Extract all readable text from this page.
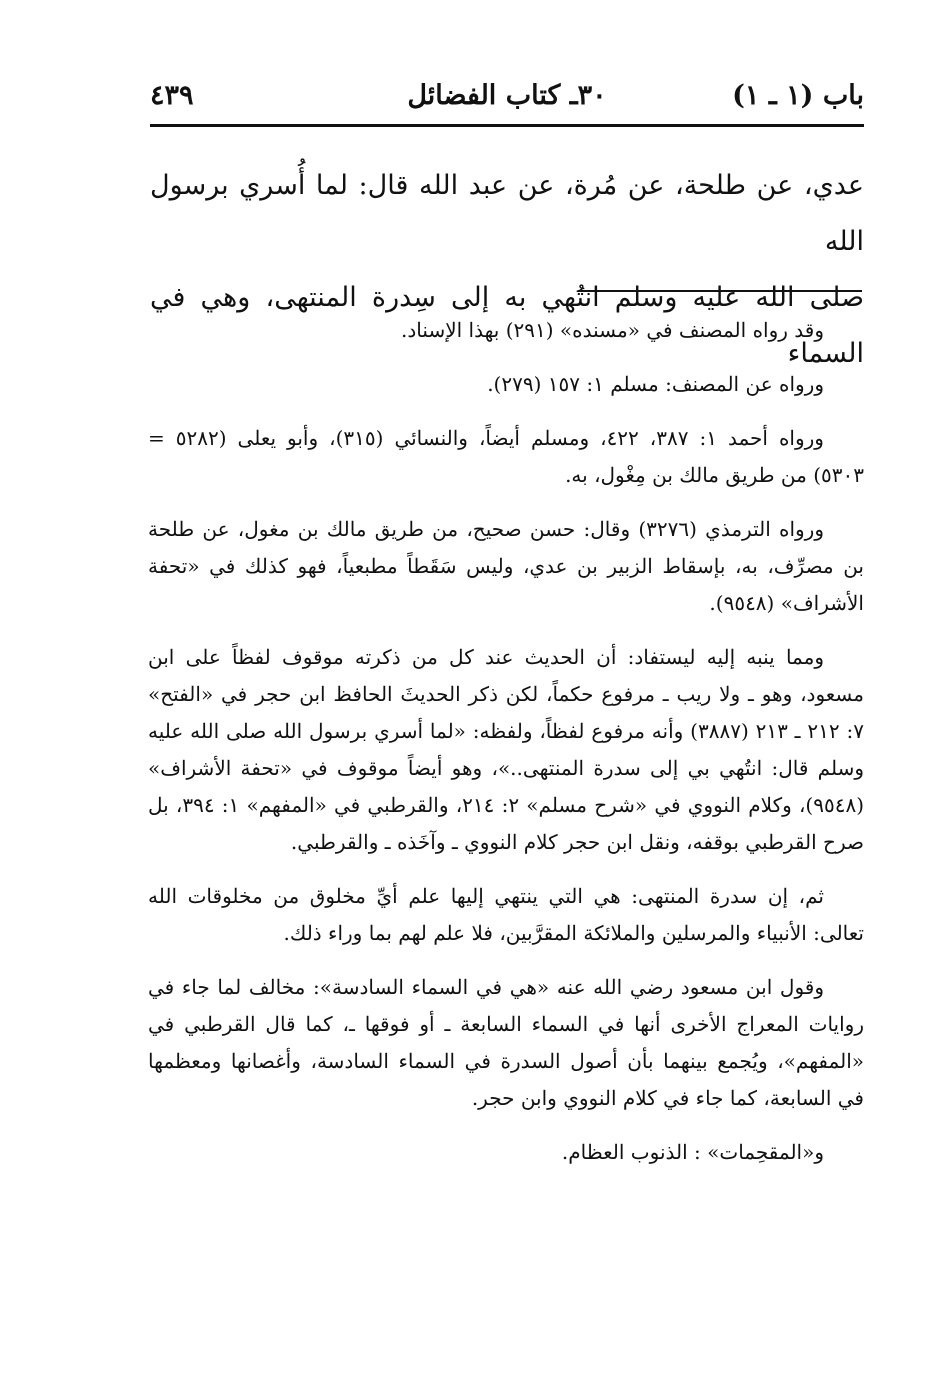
باب (١ ـ ١)
٣٠ـ كتاب الفضائل
٤٣٩

عدي، عن طلحة، عن مُرة، عن عبد الله قال: لما أُسري برسول الله

صلى الله عليه وسلم انتُهي به إلى سِدرة المنتهى، وهي في السماء

وقد رواه المصنف في «مسنده» (٢٩١) بهذا الإسناد.

ورواه عن المصنف: مسلم ١: ١٥٧ (٢٧٩).

ورواه أحمد ١: ٣٨٧، ٤٢٢، ومسلم أيضاً، والنسائي (٣١٥)، وأبو يعلى (٥٢٨٢ = ٥٣٠٣) من طريق مالك بن مِغْول، به.

ورواه الترمذي (٣٢٧٦) وقال: حسن صحيح، من طريق مالك بن مغول، عن طلحة بن مصرِّف، به، بإسقاط الزبير بن عدي، وليس سَقَطاً مطبعياً، فهو كذلك في «تحفة الأشراف» (٩٥٤٨).

ومما ينبه إليه ليستفاد: أن الحديث عند كل من ذكرته موقوف لفظاً على ابن مسعود، وهو ـ ولا ريب ـ مرفوع حكماً، لكن ذكر الحديثَ الحافظ ابن حجر في «الفتح» ٧: ٢١٢ ـ ٢١٣ (٣٨٨٧) وأنه مرفوع لفظاً، ولفظه: «لما أسري برسول الله صلى الله عليه وسلم قال: انتُهي بي إلى سدرة المنتهى..»، وهو أيضاً موقوف في «تحفة الأشراف» (٩٥٤٨)، وكلام النووي في «شرح مسلم» ٢: ٢١٤، والقرطبي في «المفهم» ١: ٣٩٤، بل صرح القرطبي بوقفه، ونقل ابن حجر كلام النووي ـ وآخَذه ـ والقرطبي.

ثم، إن سدرة المنتهى: هي التي ينتهي إليها علم أيِّ مخلوق من مخلوقات الله تعالى: الأنبياء والمرسلين والملائكة المقرَّبين، فلا علم لهم بما وراء ذلك.

وقول ابن مسعود رضي الله عنه «هي في السماء السادسة»: مخالف لما جاء في روايات المعراج الأخرى أنها في السماء السابعة ـ أو فوقها ـ، كما قال القرطبي في «المفهم»، ويُجمع بينهما بأن أصول السدرة في السماء السادسة، وأغصانها ومعظمها في السابعة، كما جاء في كلام النووي وابن حجر.

و«المقحِمات» : الذنوب العظام.
